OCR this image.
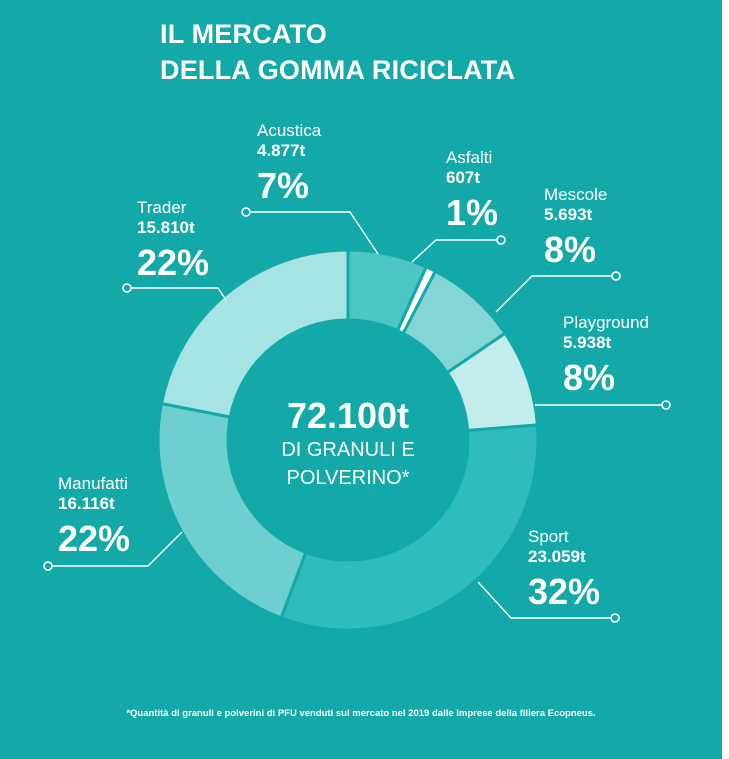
IL MERCATO
DELLA GOMMA RICICLATA
72.100t
DI GRANULI E
POLVERINO*
Acustica
4.877t
7%
Asfalti
607t
1%	Mescole
5.693t
8%
Playground
5.938t
8%
Sport
23.059t
32%
Manufatti
16.116t
22%
Trader
15.810t
22%
*Quantità di granuli e polverini di PFU venduti sul mercato nel 2019 dalle Imprese della filiera Ecopneus.
